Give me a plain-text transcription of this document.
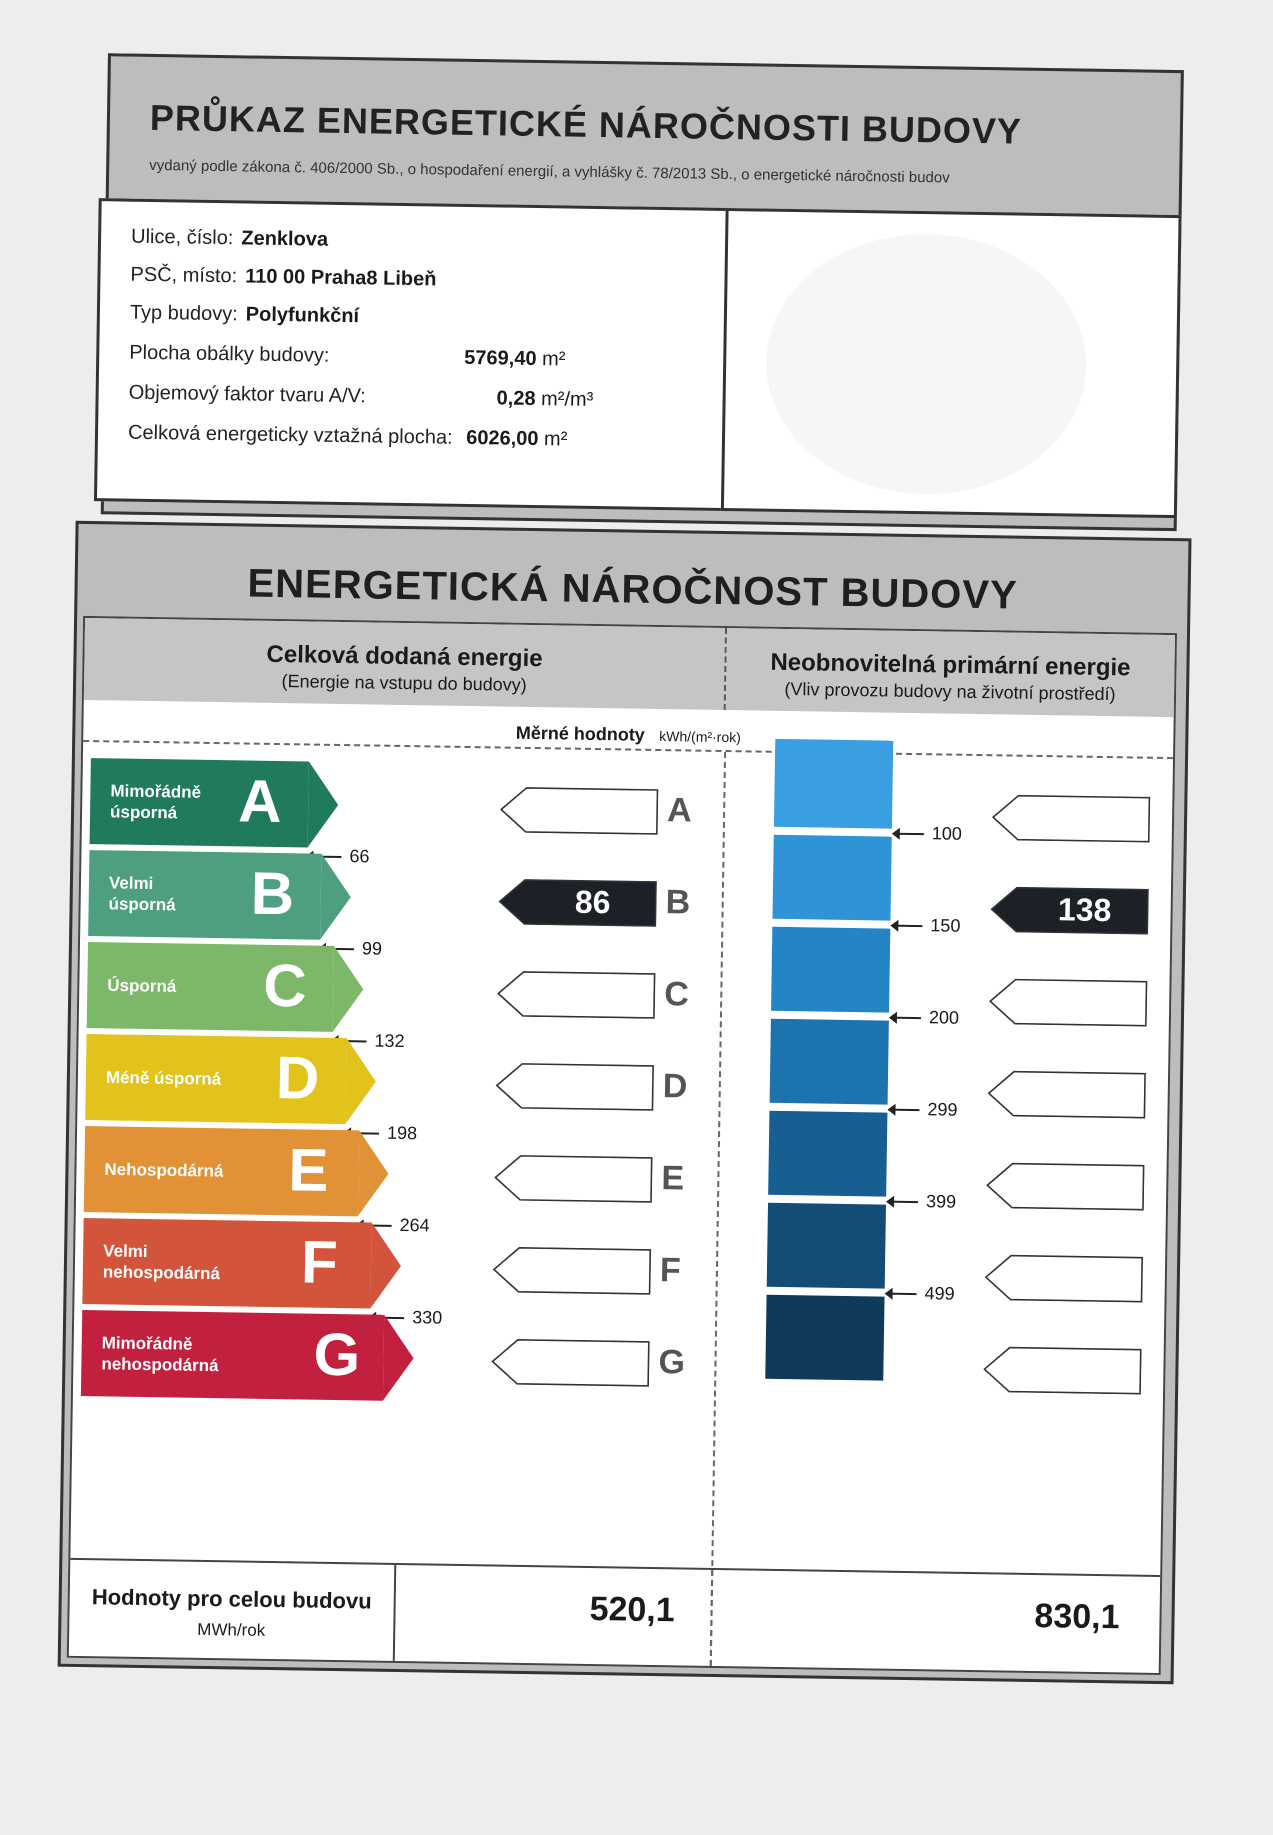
PRŮKAZ ENERGETICKÉ NÁROČNOSTI BUDOVY
vydaný podle zákona č. 406/2000 Sb., o hospodaření energií, a vyhlášky č. 78/2013 Sb., o energetické náročnosti budov
Ulice, číslo: Zenklova
PSČ, místo: 110 00 Praha8 Libeň
Typ budovy: Polyfunkční
Plocha obálky budovy:	5769,40 m²
Objemový faktor tvaru A/V:	0,28 m²/m³
Celková energeticky vztažná plocha: 6026,00 m²
ENERGETICKÁ NÁROČNOST BUDOVY
Celková dodaná energie
(Energie na vstupu do budovy)
Neobnovitelná primární energie
(Vliv provozu budovy na životní prostředí)
Měrné hodnoty kWh/(m²·rok)
Mimořádně
úsporná	A
66
Velmi
úsporná B
99
Úsporná C
132
Méně úsporná D
198
Nehospodárná E
264
Velmi
nehospodárná F
330
Mimořádně
nehospodárná G
A
86	B
C
D
E
F
G
100
150
200
299
399
499
138
Hodnoty pro celou budovu
MWh/rok
520,1	830,1
